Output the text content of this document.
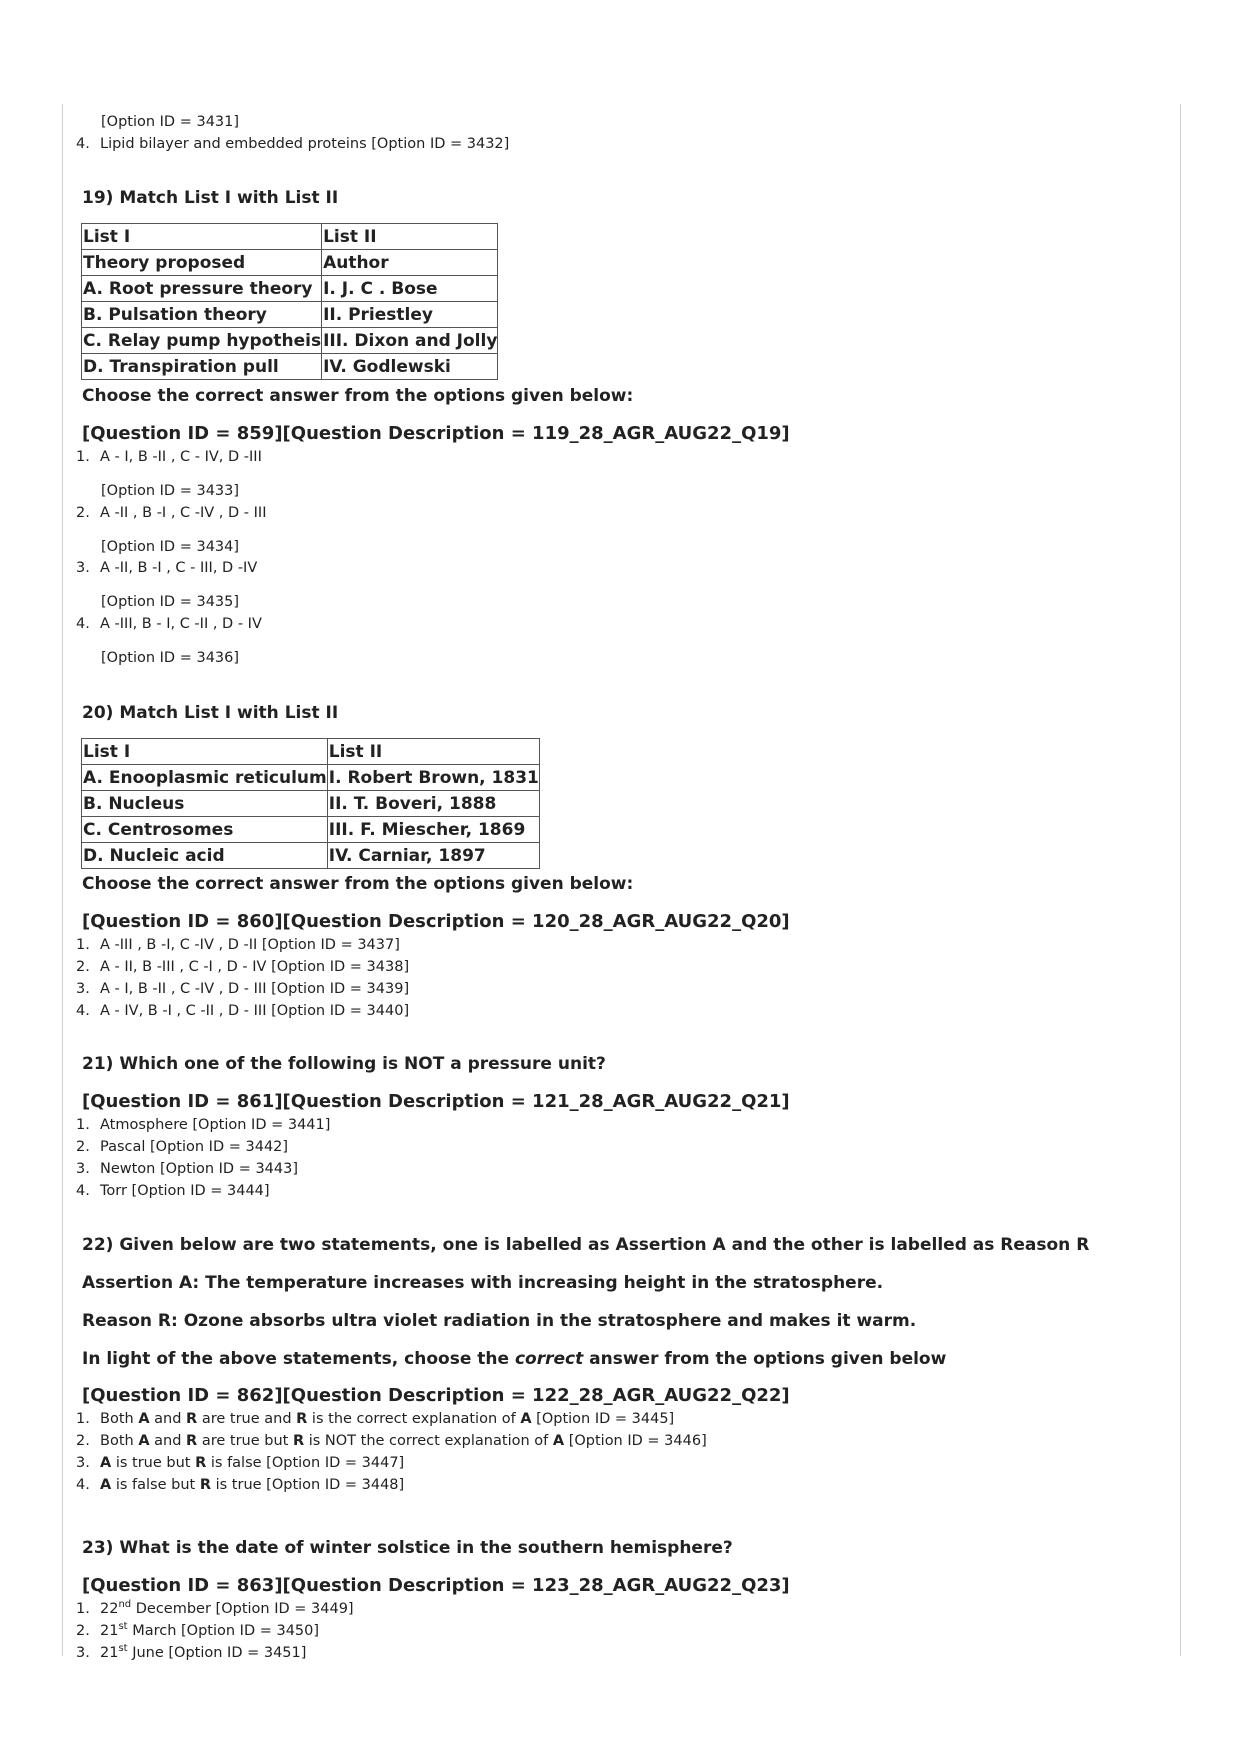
[Option ID = 3431]
4. Lipid bilayer and embedded proteins [Option ID = 3432]
19) Match List I with List II
List I	List II
Theory proposed	Author
A. Root pressure theory	I. J. C . Bose
B. Pulsation theory	II. Priestley
C. Relay pump hypotheis	III. Dixon and Jolly
D. Transpiration pull	IV. Godlewski
Choose the correct answer from the options given below:
[Question ID = 859][Question Description = 119_28_AGR_AUG22_Q19]
1. A - I, B -II , C - IV, D -III
[Option ID = 3433]
2. A -II , B -I , C -IV , D - III
[Option ID = 3434]
3. A -II, B -I , C - III, D -IV
[Option ID = 3435]
4. A -III, B - I, C -II , D - IV
[Option ID = 3436]
20) Match List I with List II
List I	List II
A. Enooplasmic reticulum	I. Robert Brown, 1831
B. Nucleus	II. T. Boveri, 1888
C. Centrosomes	III. F. Miescher, 1869
D. Nucleic acid	IV. Carniar, 1897
Choose the correct answer from the options given below:
[Question ID = 860][Question Description = 120_28_AGR_AUG22_Q20]
1. A -III , B -I, C -IV , D -II [Option ID = 3437]
2. A - II, B -III , C -I , D - IV [Option ID = 3438]
3. A - I, B -II , C -IV , D - III [Option ID = 3439]
4. A - IV, B -I , C -II , D - III [Option ID = 3440]
21) Which one of the following is NOT a pressure unit?
[Question ID = 861][Question Description = 121_28_AGR_AUG22_Q21]
1. Atmosphere [Option ID = 3441]
2. Pascal [Option ID = 3442]
3. Newton [Option ID = 3443]
4. Torr [Option ID = 3444]
22) Given below are two statements, one is labelled as Assertion A and the other is labelled as Reason R
Assertion A: The temperature increases with increasing height in the stratosphere.
Reason R: Ozone absorbs ultra violet radiation in the stratosphere and makes it warm.
In light of the above statements, choose the correct answer from the options given below
[Question ID = 862][Question Description = 122_28_AGR_AUG22_Q22]
1. Both A and R are true and R is the correct explanation of A [Option ID = 3445]
2. Both A and R are true but R is NOT the correct explanation of A [Option ID = 3446]
3. A is true but R is false [Option ID = 3447]
4. A is false but R is true [Option ID = 3448]
23) What is the date of winter solstice in the southern hemisphere?
[Question ID = 863][Question Description = 123_28_AGR_AUG22_Q23]
1. 22nd December [Option ID = 3449]
2. 21st March [Option ID = 3450]
3. 21st June [Option ID = 3451]
